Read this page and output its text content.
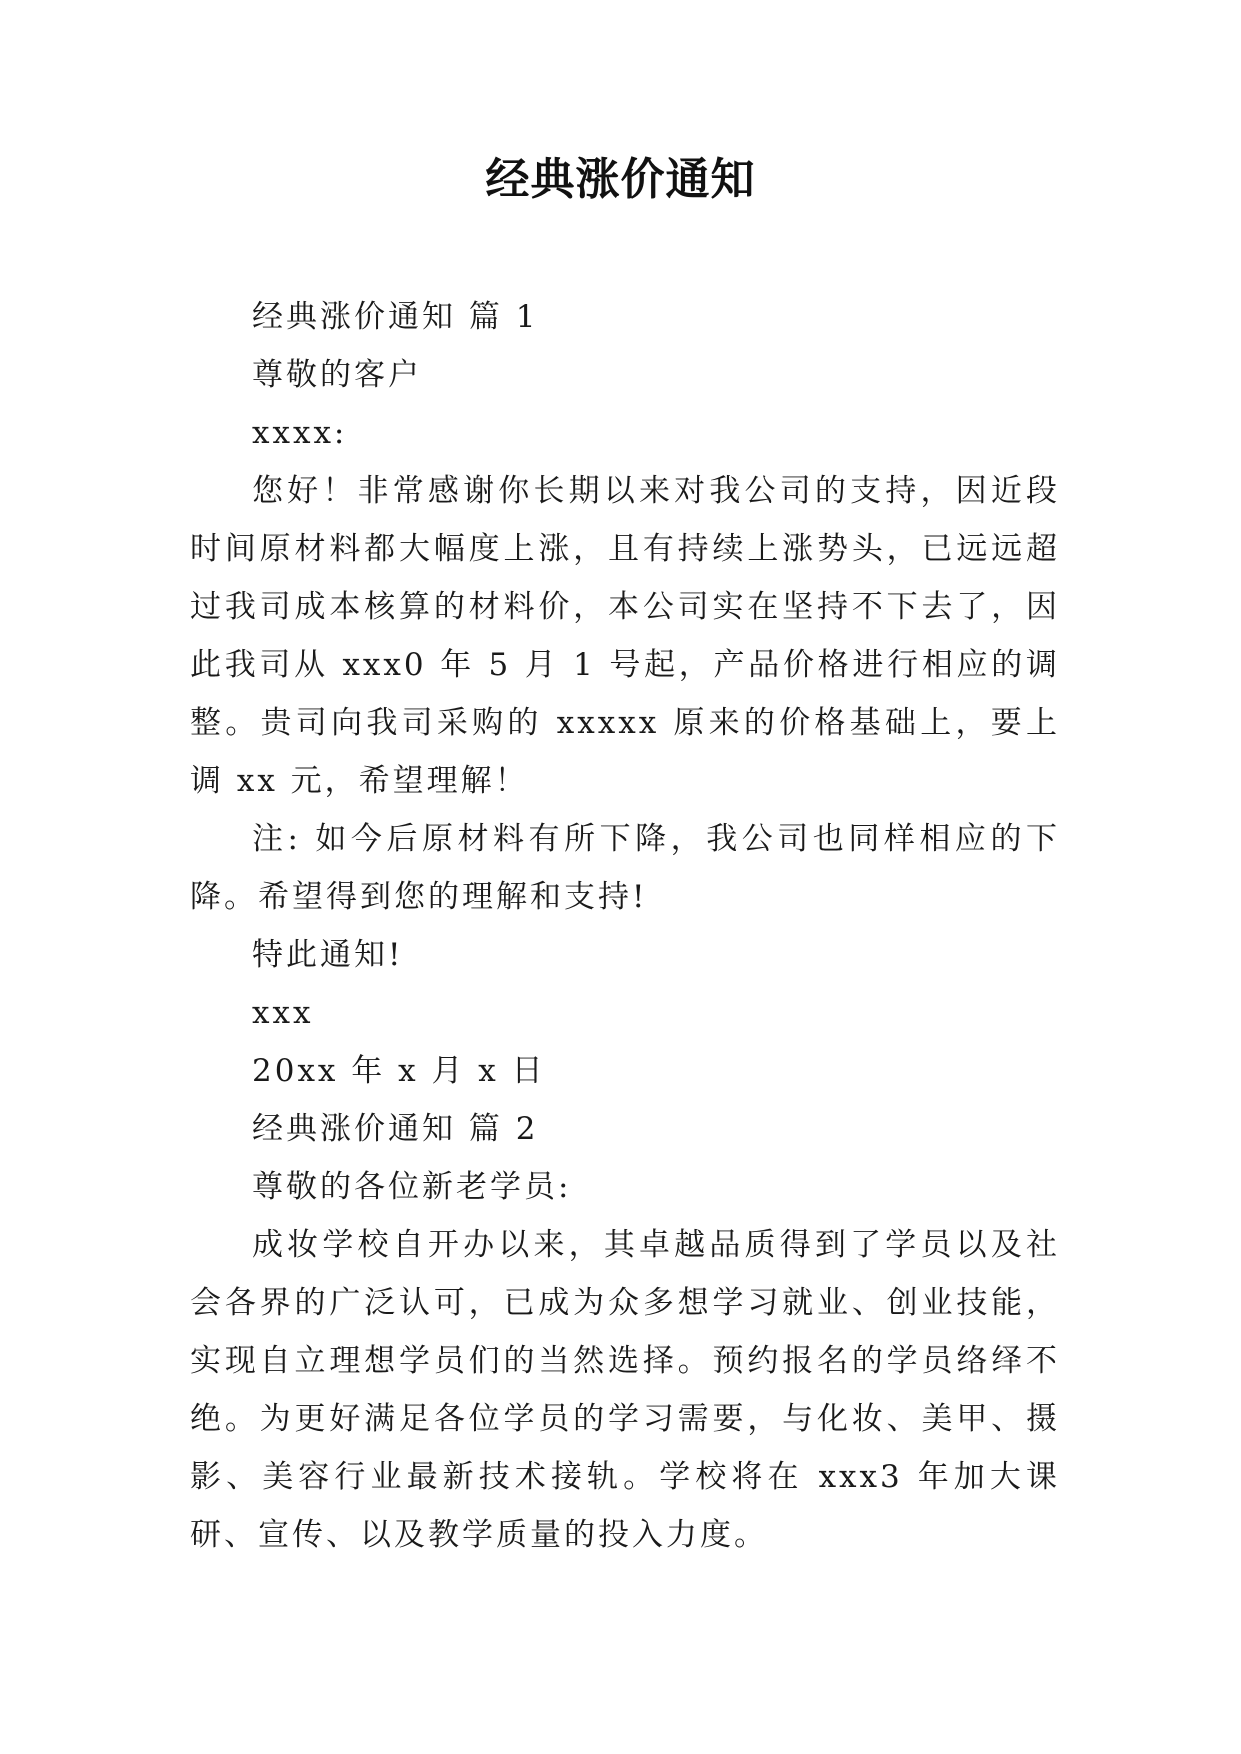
经典涨价通知

经典涨价通知 篇 1

尊敬的客户

xxxx:

您好！非常感谢你长期以来对我公司的支持，因近段时间原材料都大幅度上涨，且有持续上涨势头，已远远超过我司成本核算的材料价，本公司实在坚持不下去了，因此我司从 xxx0 年 5 月 1 号起，产品价格进行相应的调整。贵司向我司采购的 xxxxx 原来的价格基础上，要上调 xx 元，希望理解！

注: 如今后原材料有所下降，我公司也同样相应的下降。希望得到您的理解和支持!

特此通知!

xxx

20xx 年 x 月 x 日

经典涨价通知 篇 2

尊敬的各位新老学员:

成妆学校自开办以来，其卓越品质得到了学员以及社会各界的广泛认可，已成为众多想学习就业、创业技能，实现自立理想学员们的当然选择。预约报名的学员络绎不绝。为更好满足各位学员的学习需要，与化妆、美甲、摄影、美容行业最新技术接轨。学校将在 xxx3 年加大课研、宣传、以及教学质量的投入力度。
